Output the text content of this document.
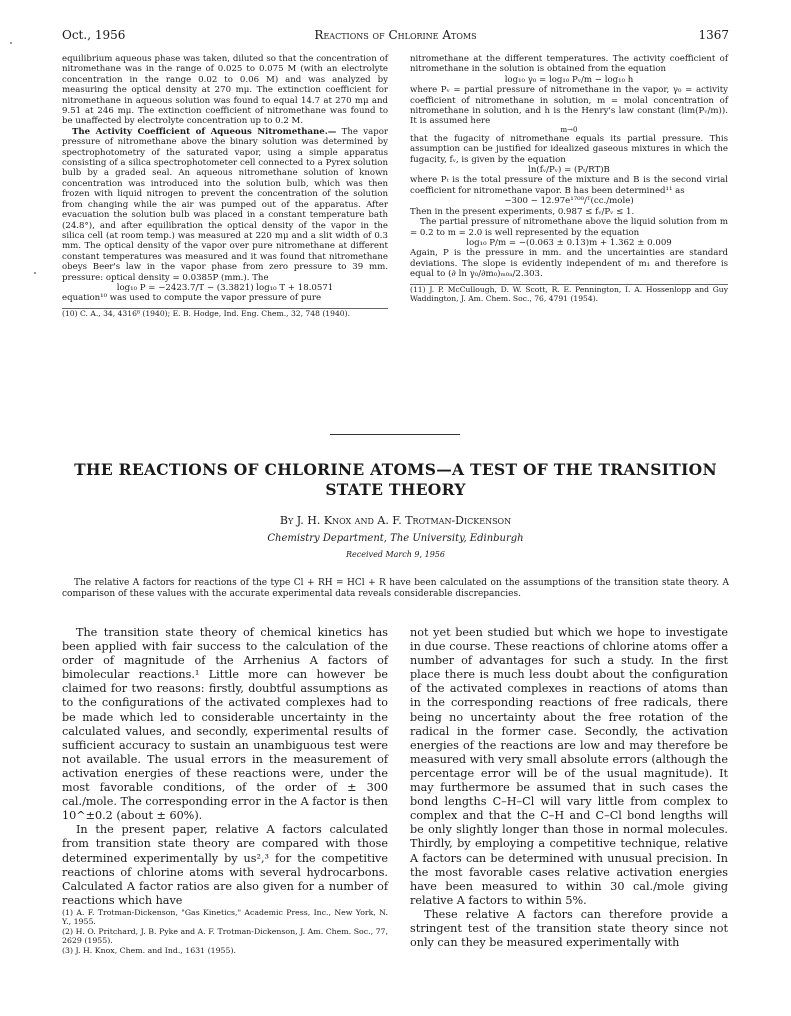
Oct., 1956	Reactions of Chlorine Atoms	1367

equilibrium aqueous phase was taken, diluted so that the concentration of nitromethane was in the range of 0.025 to 0.075 M (with an electrolyte concentration in the range 0.02 to 0.06 M) and was analyzed by measuring the optical density at 270 mμ. The extinction coefficient for nitromethane in aqueous solution was found to equal 14.7 at 270 mμ and 9.51 at 246 mμ. The extinction coefficient of nitromethane was found to be unaffected by electrolyte concentration up to 0.2 M.

The Activity Coefficient of Aqueous Nitromethane.— The vapor pressure of nitromethane above the binary solution was determined by spectrophotometry of the saturated vapor, using a simple apparatus consisting of a silica spectrophotometer cell connected to a Pyrex solution bulb by a graded seal. An aqueous nitromethane solution of known concentration was introduced into the solution bulb, which was then frozen with liquid nitrogen to prevent the concentration of the solution from changing while the air was pumped out of the apparatus. After evacuation the solution bulb was placed in a constant temperature bath (24.8°), and after equilibration the optical density of the vapor in the silica cell (at room temp.) was measured at 220 mμ and a slit width of 0.3 mm. The optical density of the vapor over pure nitromethane at different constant temperatures was measured and it was found that nitromethane obeys Beer's law in the vapor phase from zero pressure to 39 mm. pressure: optical density = 0.0385P (mm.). The

log₁₀ P = −2423.7/T − (3.3821) log₁₀ T + 18.0571

equation¹⁰ was used to compute the vapor pressure of pure

(10) C. A., 34, 4316⁸ (1940); E. B. Hodge, Ind. Eng. Chem., 32, 748 (1940).

nitromethane at the different temperatures. The activity coefficient of nitromethane in the solution is obtained from the equation

log₁₀ γ₀ = log₁₀ Pᵥ/m − log₁₀ h

where Pᵥ = partial pressure of nitromethane in the vapor, γ₀ = activity coefficient of nitromethane in solution, m = molal concentration of nitromethane in solution, and h is the Henry's law constant (lim(Pᵥ/m)). It is assumed here

m→0

that the fugacity of nitromethane equals its partial pressure. This assumption can be justified for idealized gaseous mixtures in which the fugacity, fᵥ, is given by the equation

ln(fᵥ/Pᵥ) = (Pₜ/RT)B

where Pₜ is the total pressure of the mixture and B is the second virial coefficient for nitromethane vapor. B has been determined¹¹ as

−300 − 12.97e¹⁷⁰⁰/ᵀ(cc./mole)

Then in the present experiments, 0.987 ≤ fᵥ/Pᵥ ≤ 1.

The partial pressure of nitromethane above the liquid solution from m = 0.2 to m = 2.0 is well represented by the equation

log₁₀ P/m = −(0.063 ± 0.13)m + 1.362 ± 0.009

Again, P is the pressure in mm. and the uncertainties are standard deviations. The slope is evidently independent of m₁ and therefore is equal to (∂ ln γ₀/∂m₀)ₘ₀ₐ/2.303.

(11) J. P. McCullough, D. W. Scott, R. E. Pennington, I. A. Hossenlopp and Guy Waddington, J. Am. Chem. Soc., 76, 4791 (1954).

THE REACTIONS OF CHLORINE ATOMS—A TEST OF THE TRANSITION
STATE THEORY
By J. H. Knox and A. F. Trotman-Dickenson
Chemistry Department, The University, Edinburgh
Received March 9, 1956
The relative A factors for reactions of the type Cl + RH = HCl + R have been calculated on the assumptions of the transition state theory. A comparison of these values with the accurate experimental data reveals considerable discrepancies.

The transition state theory of chemical kinetics has been applied with fair success to the calculation of the order of magnitude of the Arrhenius A factors of bimolecular reactions.¹ Little more can however be claimed for two reasons: firstly, doubtful assumptions as to the configurations of the activated complexes had to be made which led to considerable uncertainty in the calculated values, and secondly, experimental results of sufficient accuracy to sustain an unambiguous test were not available. The usual errors in the measurement of activation energies of these reactions were, under the most favorable conditions, of the order of ± 300 cal./mole. The corresponding error in the A factor is then 10^±0.2 (about ± 60%).

In the present paper, relative A factors calculated from transition state theory are compared with those determined experimentally by us²,³ for the competitive reactions of chlorine atoms with several hydrocarbons. Calculated A factor ratios are also given for a number of reactions which have

(1) A. F. Trotman-Dickenson, "Gas Kinetics," Academic Press, Inc., New York, N. Y., 1955.

(2) H. O. Pritchard, J. B. Pyke and A. F. Trotman-Dickenson, J. Am. Chem. Soc., 77, 2629 (1955).

(3) J. H. Knox, Chem. and Ind., 1631 (1955).

not yet been studied but which we hope to investigate in due course. These reactions of chlorine atoms offer a number of advantages for such a study. In the first place there is much less doubt about the configuration of the activated complexes in reactions of atoms than in the corresponding reactions of free radicals, there being no uncertainty about the free rotation of the radical in the former case. Secondly, the activation energies of the reactions are low and may therefore be measured with very small absolute errors (although the percentage error will be of the usual magnitude). It may furthermore be assumed that in such cases the bond lengths C–H–Cl will vary little from complex to complex and that the C–H and C–Cl bond lengths will be only slightly longer than those in normal molecules. Thirdly, by employing a competitive technique, relative A factors can be determined with unusual precision. In the most favorable cases relative activation energies have been measured to within 30 cal./mole giving relative A factors to within 5%.

These relative A factors can therefore provide a stringent test of the transition state theory since not only can they be measured experimentally with
